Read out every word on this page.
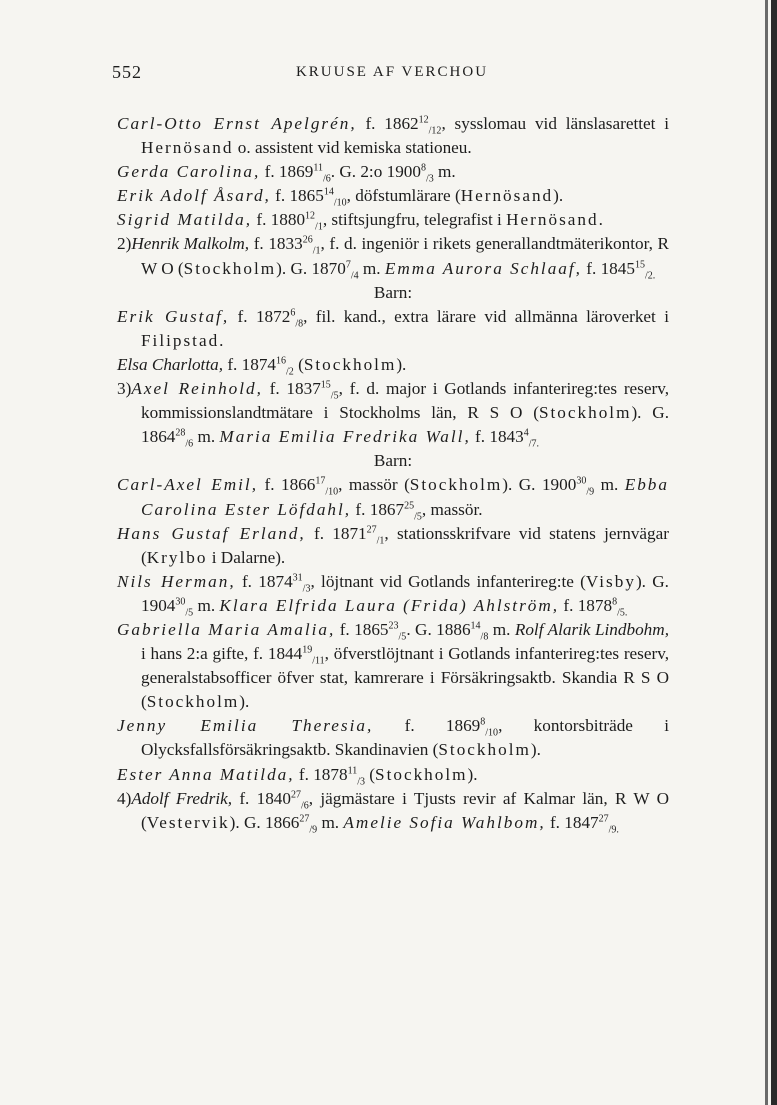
552	KRUUSE AF VERCHOU

Carl-Otto Ernst Apelgrén, f. $1862^{12}_{/12}$, sysslomau vid länslasarettet i Hernösand o. assistent vid kemiska stationeu.

Gerda Carolina, f. $1869^{11}_{/6}$. G. 2:o $1900^8_{/3}$ m.

Erik Adolf Åsard, f. $1865^{14}_{/10}$, döfstumlärare (Hernösand).

Sigrid Matilda, f. $1880^{12}_{/1}$, stiftsjungfru, telegrafist i Hernösand.

2)Henrik Malkolm, f. $1833^{26}_{/1}$, f. d. ingeniör i rikets generallandtmäterikontor, R W O (Stockholm). G. $1870^7_{/4}$ m. Emma Aurora Schlaaf, f. $1845^{15}_{/2.}$

Barn:

Erik Gustaf, f. $1872^6_{/8}$, fil. kand., extra lärare vid allmänna läroverket i Filipstad.

Elsa Charlotta, f. $1874^{16}_{/2}$ (Stockholm).

3)Axel Reinhold, f. $1837^{15}_{/5}$, f. d. major i Gotlands infanterireg:tes reserv, kommissionslandtmätare i Stockholms län, R S O (Stockholm). G. $1864^{28}_{/6}$ m. Maria Emilia Fredrika Wall, f. $1843^4_{/7.}$

Barn:

Carl-Axel Emil, f. $1866^{17}_{/10}$, massör (Stockholm). G. $1900^{30}_{/9}$ m. Ebba Carolina Ester Löfdahl, f. $1867^{25}_{/5}$, massör.

Hans Gustaf Erland, f. $1871^{27}_{/1}$, stationsskrifvare vid statens jernvägar (Krylbo i Dalarne).

Nils Herman, f. $1874^{31}_{/3}$, löjtnant vid Gotlands infanterireg:te (Visby). G. $1904^{30}_{/5}$ m. Klara Elfrida Laura (Frida) Ahlström, f. $1878^8_{/5.}$

Gabriella Maria Amalia, f. $1865^{23}_{/5}$. G. $1886^{14}_{/8}$ m. Rolf Alarik Lindbohm, i hans 2:a gifte, f. $1844^{19}_{/11}$, öfverstlöjtnant i Gotlands infanterireg:tes reserv, generalstabsofficer öfver stat, kamrerare i Försäkringsaktb. Skandia R S O (Stockholm).

Jenny Emilia Theresia, f. $1869^8_{/10}$, kontorsbiträde i Olycksfallsförsäkringsaktb. Skandinavien (Stockholm).

Ester Anna Matilda, f. $1878^{11}_{/3}$ (Stockholm).

4)Adolf Fredrik, f. $1840^{27}_{/6}$, jägmästare i Tjusts revir af Kalmar län, R W O (Vestervik). G. $1866^{27}_{/9}$ m. Amelie Sofia Wahlbom, f. $1847^{27}_{/9.}$
